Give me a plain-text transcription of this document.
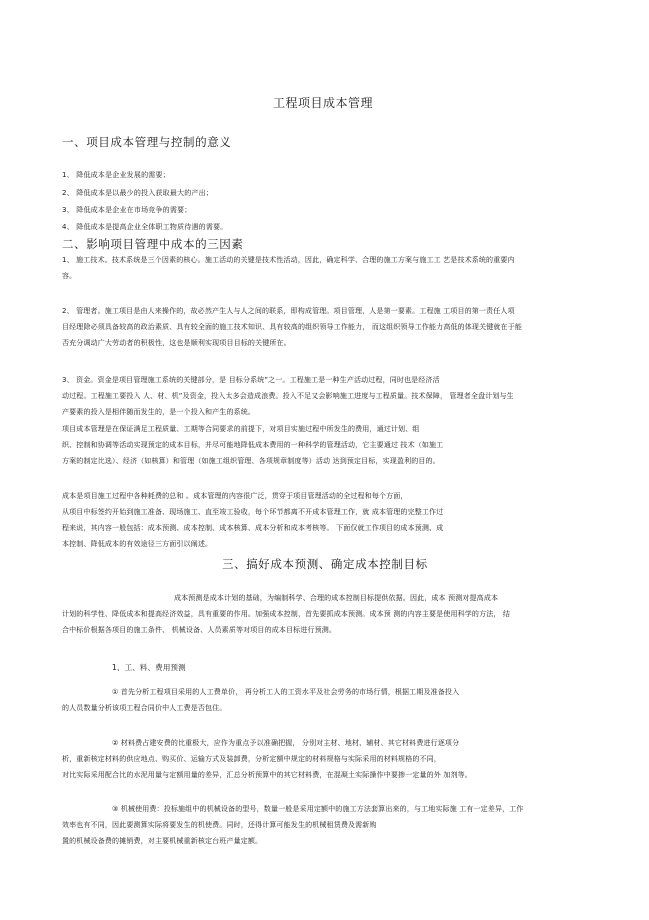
工程项目成本管理
一、项目成本管理与控制的意义
1、 降低成本是企业发展的需要；
2、 降低成本是以最少的投入获取最大的产出；
3、 降低成本是企业在市场竞争的需要；
4、 降低成本是提高企业全体职工物质待遇的需要。
二、影响项目管理中成本的三因素
1、 施工技术。技术系统是三个因素的核心。施工活动的关键是技术性活动，因此，确定科学、合理的施工方案与施工工 艺是技术系统的重要内
容。
2、 管理者。施工项目是由人来操作的，故必然产生人与人之间的联系，即构成管理。项目管理，人是第一要素。工程施 工项目的第一责任人项
目经理除必须具备较高的政治素质、具有较全面的施工技术知识、具有较高的组织领导工作能力， 而这组织领导工作能力高低的体现关键就在于能
否充分调动广大劳动者的积极性，这也是顺利实现项目目标的关键所在。
3、 资金。资金是项目管理施工系统的关键部分，是 目标分系统”之一。工程施工是一种生产活动过程，同时也是经济活
动过程。工程施工要投入 人、材、机”及资金，投入太多会造成浪费。投入不足又会影响施工进度与工程质量。技术保障， 管理者全盘计划与生
产要素的投入是相伴随而发生的，是一个投入和产生的系统。
项目成本管理是在保证满足工程质量、工期等合同要求的前提下，对项目实施过程中所发生的费用，通过计划、组
织、控制和协调等活动实现预定的成本目标，并尽可能地降低成本费用的一种科学的管理活动，它主要通过 技术（如施工
方案的制定比选）、经济（如核算）和管理（如施工组织管理、各项规章制度等）活动 达到预定目标，实现盈利的目的。
成本是项目施工过程中各种耗费的总和 。成本管理的内容很广泛，贯穿于项目管理活动的全过程和每个方面，
从项目中标签约开始到施工准备、现场施工、直至竣工验收，每个环节都离不开成本管理工作，就 成本管理的完整工作过
程来说，其内容一般包括：成本预测、成本控制、成本核算、成本分析和成本考核等。 下面仅就工作项目的成本预测、成
本控制、降低成本的有效途径三方面引以阐述。
三、搞好成本预测、确定成本控制目标
成本预测是成本计划的基础，为编制科学、合理的成本控制目标提供依据。因此，成本 预测对提高成本
计划的科学性、降低成本和提高经济效益，具有重要的作用。加强成本控制，首先要抓成本预测。成本预 测的内容主要是使用科学的方法， 结
合中标价根据各项目的施工条件、 机械设备、人员素质等对项目的成本目标进行预测。
1、工、料、费用预测
① 首先分析工程项目采用的人工费单价， 再分析工人的工资水平及社会劳务的市场行情，根据工期及准备投入
的人员数量分析该项工程合同价中人工费是否包住。
② 材料费占建安费的比重极大，应作为重点予以准确把握， 分别对主材、地材、辅材、其它材料费进行逐项分
析，重新核定材料的供应地点、购买价、运输方式及装卸费，分析定额中规定的材料规格与实际采用的材料规格的不同，
对比实际采用配合比的水泥用量与定额用量的差异，汇总分析预算中的其它材料费，在混凝土实际操作中要掺一定量的外 加剂等。
③ 机械使用费：投标施组中的机械设备的型号，数量一般是采用定额中的施工方法套算出来的，与工地实际施 工有一定差异，工作
效率也有不同，因此要测算实际将要发生的机使费。同时，还得计算可能发生的机械租赁费及需新购
置的机械设备费的摊销费，对主要机械重新核定台班产量定额。
